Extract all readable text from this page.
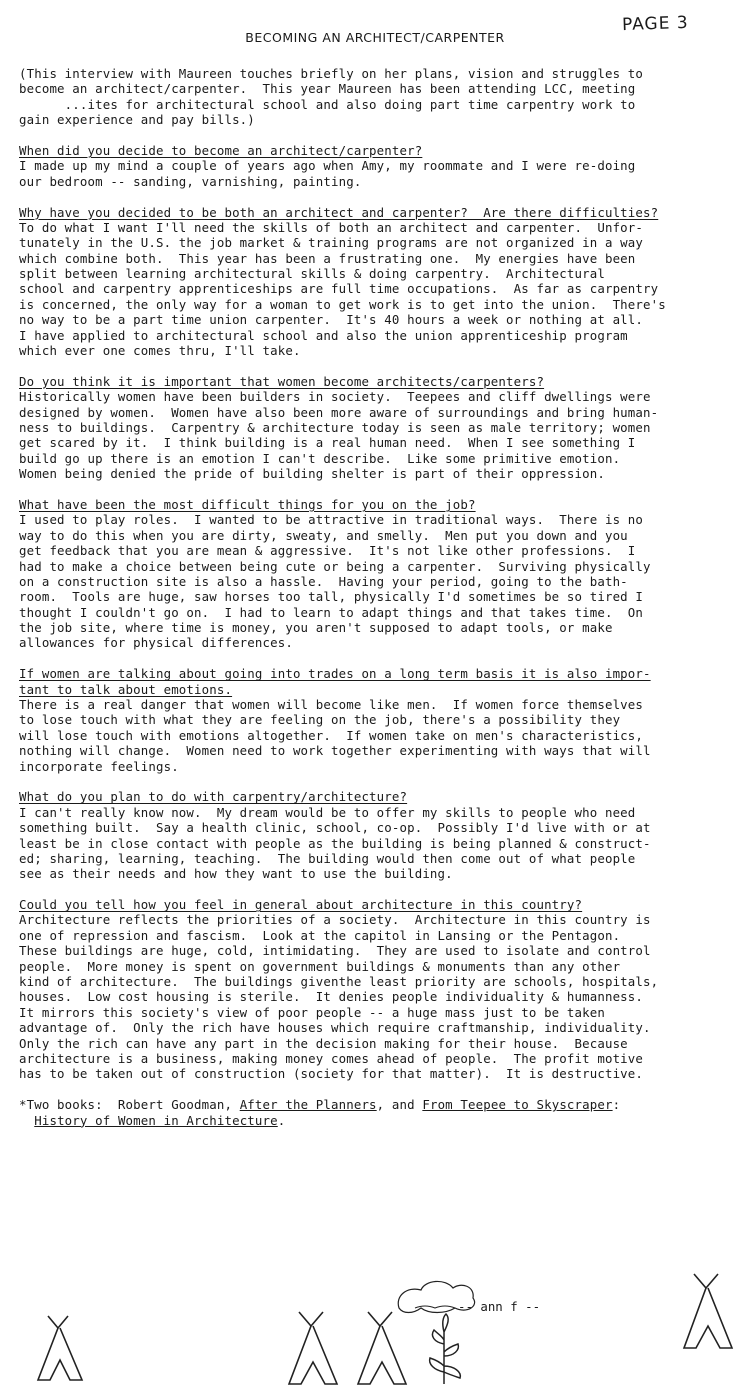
PAGE 3
BECOMING AN ARCHITECT/CARPENTER
(This interview with Maureen touches briefly on her plans, vision and struggles to
become an architect/carpenter.  This year Maureen has been attending LCC, meeting
...ites for architectural school and also doing part time carpentry work to
gain experience and pay bills.)
When did you decide to become an architect/carpenter?
I made up my mind a couple of years ago when Amy, my roommate and I were re-doing
our bedroom -- sanding, varnishing, painting.
Why have you decided to be both an architect and carpenter?  Are there difficulties?
To do what I want I'll need the skills of both an architect and carpenter.  Unfor-
tunately in the U.S. the job market & training programs are not organized in a way
which combine both.  This year has been a frustrating one.  My energies have been
split between learning architectural skills & doing carpentry.  Architectural
school and carpentry apprenticeships are full time occupations.  As far as carpentry
is concerned, the only way for a woman to get work is to get into the union.  There's
no way to be a part time union carpenter.  It's 40 hours a week or nothing at all.
I have applied to architectural school and also the union apprenticeship program
which ever one comes thru, I'll take.
Do you think it is important that women become architects/carpenters?
Historically women have been builders in society.  Teepees and cliff dwellings were
designed by women.  Women have also been more aware of surroundings and bring human-
ness to buildings.  Carpentry & architecture today is seen as male territory; women
get scared by it.  I think building is a real human need.  When I see something I
build go up there is an emotion I can't describe.  Like some primitive emotion.
Women being denied the pride of building shelter is part of their oppression.
What have been the most difficult things for you on the job?
I used to play roles.  I wanted to be attractive in traditional ways.  There is no
way to do this when you are dirty, sweaty, and smelly.  Men put you down and you
get feedback that you are mean & aggressive.  It's not like other professions.  I
had to make a choice between being cute or being a carpenter.  Surviving physically
on a construction site is also a hassle.  Having your period, going to the bath-
room.  Tools are huge, saw horses too tall, physically I'd sometimes be so tired I
thought I couldn't go on.  I had to learn to adapt things and that takes time.  On
the job site, where time is money, you aren't supposed to adapt tools, or make
allowances for physical differences.
If women are talking about going into trades on a long term basis it is also impor-
tant to talk about emotions.
There is a real danger that women will become like men.  If women force themselves
to lose touch with what they are feeling on the job, there's a possibility they
will lose touch with emotions altogether.  If women take on men's characteristics,
nothing will change.  Women need to work together experimenting with ways that will
incorporate feelings.
What do you plan to do with carpentry/architecture?
I can't really know now.  My dream would be to offer my skills to people who need
something built.  Say a health clinic, school, co-op.  Possibly I'd live with or at
least be in close contact with people as the building is being planned & construct-
ed; sharing, learning, teaching.  The building would then come out of what people
see as their needs and how they want to use the building.
Could you tell how you feel in general about architecture in this country?
Architecture reflects the priorities of a society.  Architecture in this country is
one of repression and fascism.  Look at the capitol in Lansing or the Pentagon.
These buildings are huge, cold, intimidating.  They are used to isolate and control
people.  More money is spent on government buildings & monuments than any other
kind of architecture.  The buildings giventhe least priority are schools, hospitals,
houses.  Low cost housing is sterile.  It denies people individuality & humanness.
It mirrors this society's view of poor people -- a huge mass just to be taken
advantage of.  Only the rich have houses which require craftmanship, individuality.
Only the rich can have any part in the decision making for their house.  Because
architecture is a business, making money comes ahead of people.  The profit motive
has to be taken out of construction (society for that matter).  It is destructive.
*Two books:  Robert Goodman, After the Planners, and From Teepee to Skyscraper:
History of Women in Architecture.
-- ann f --
